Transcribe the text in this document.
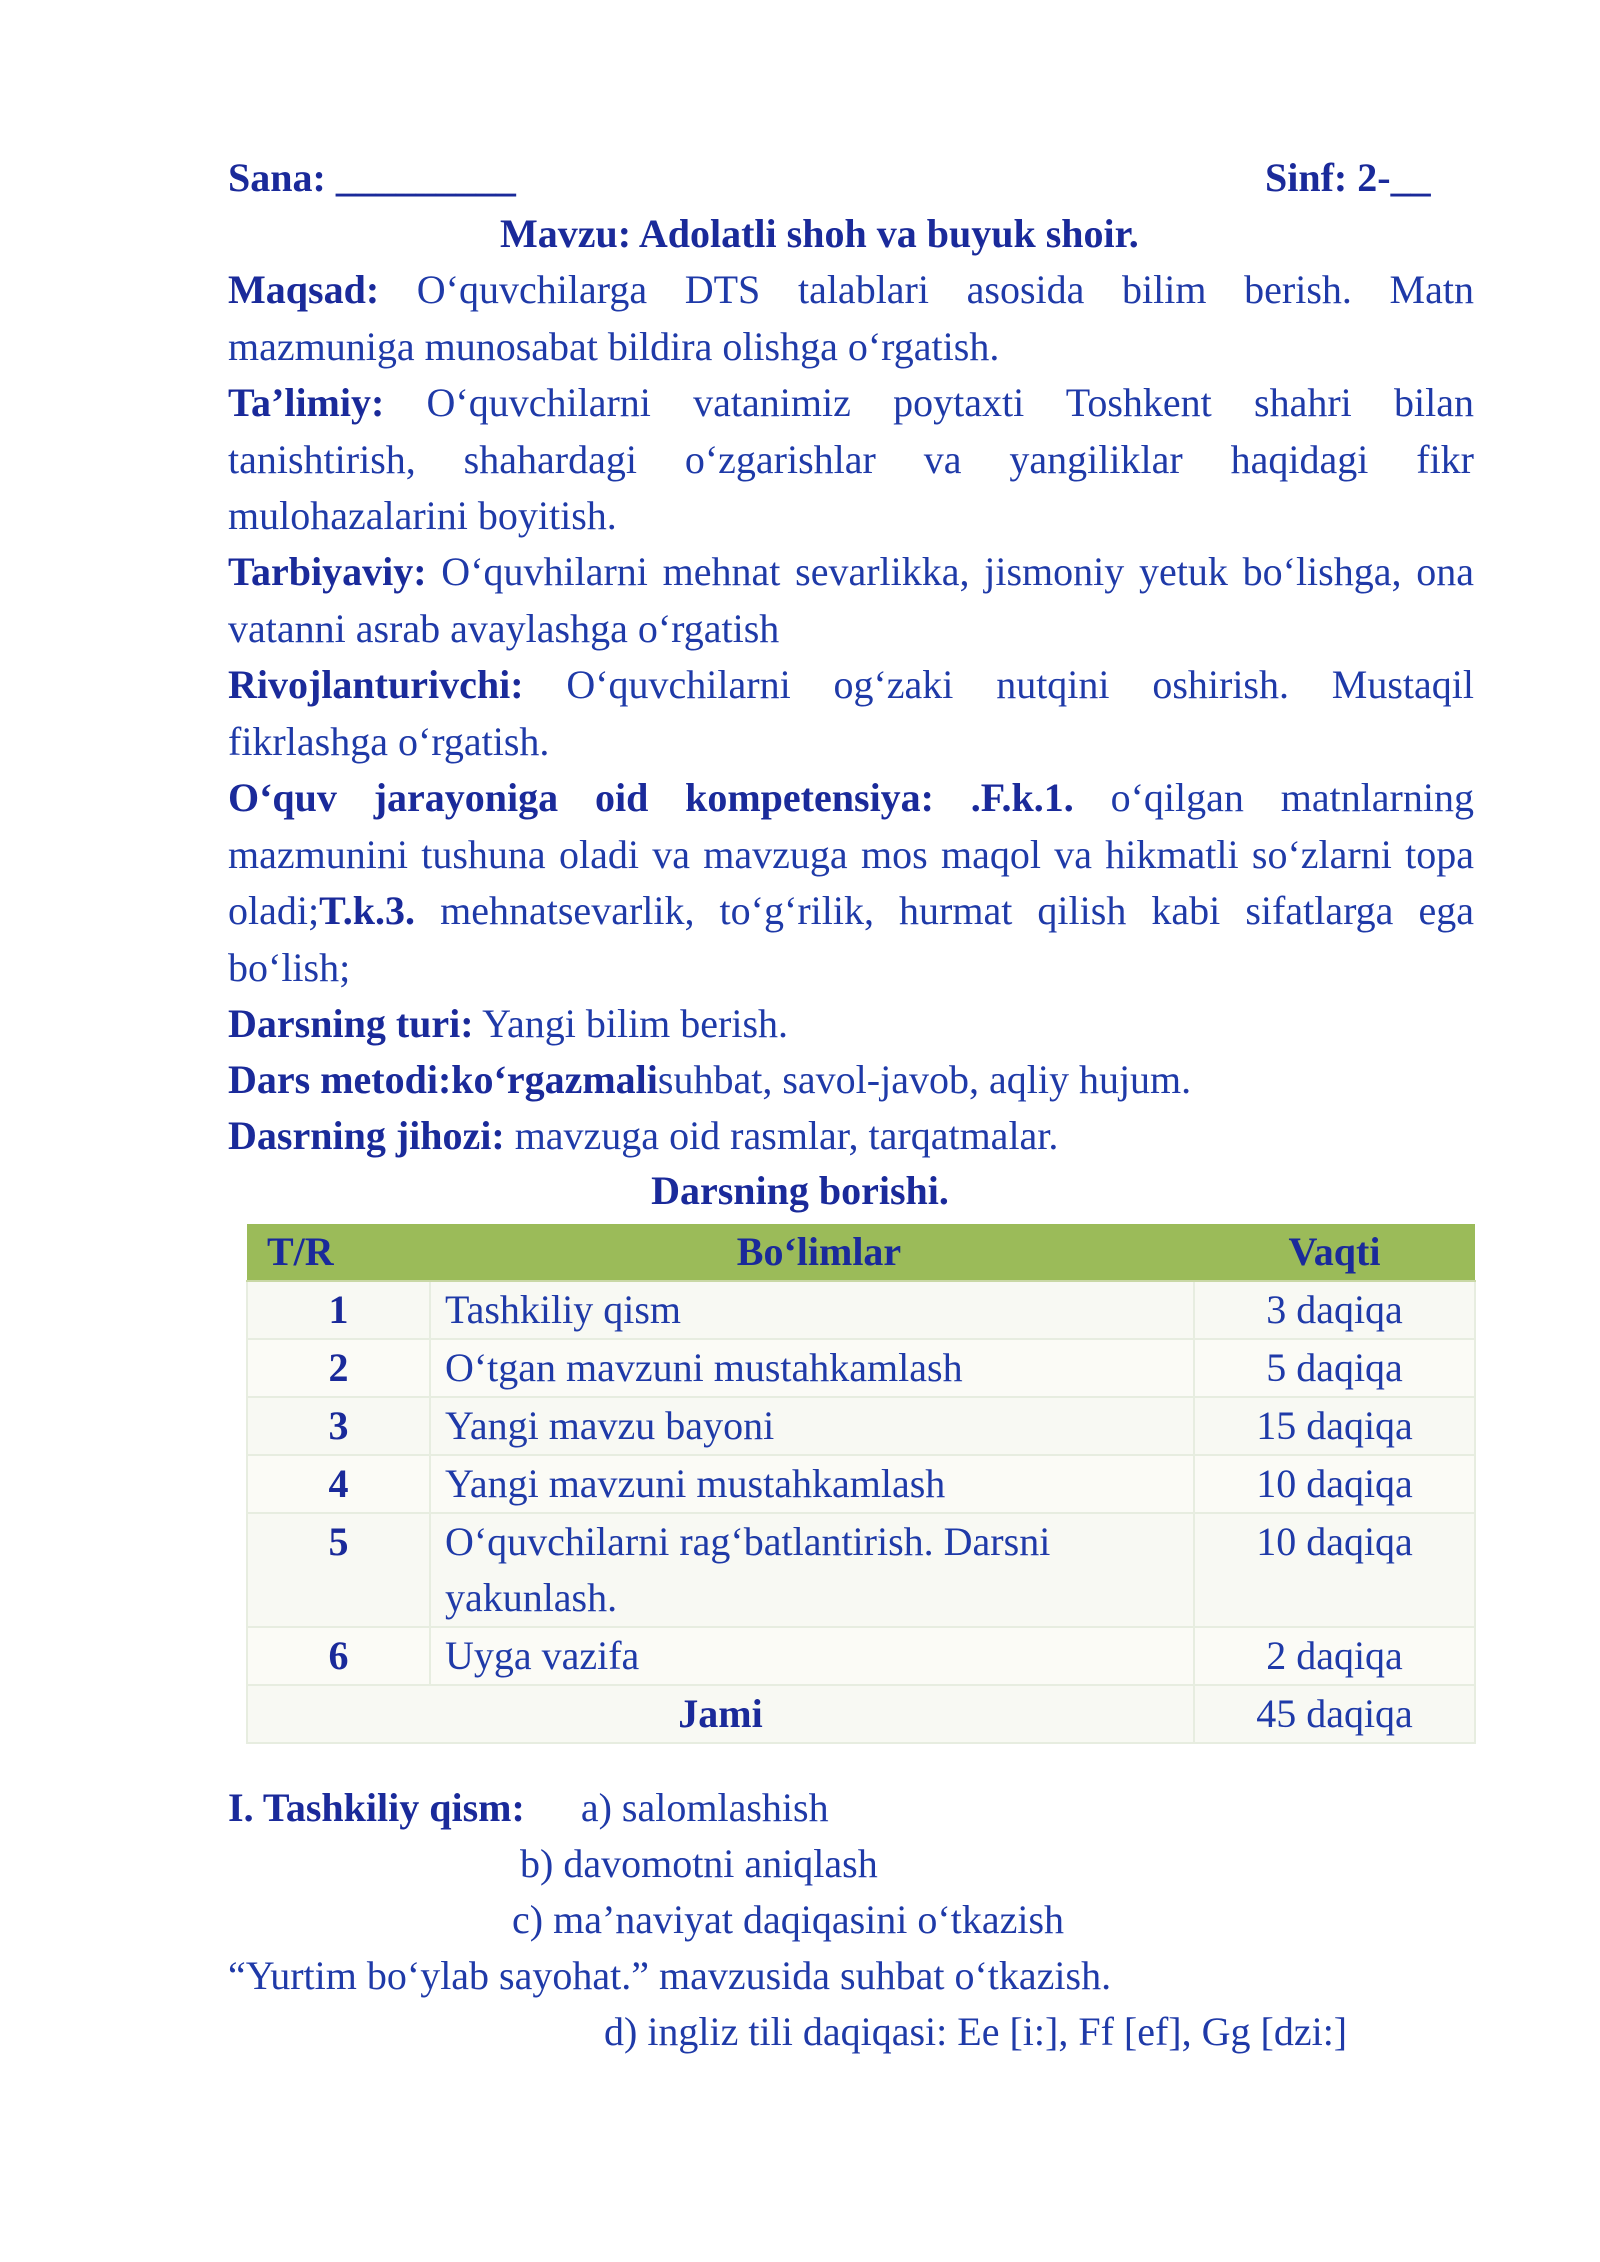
Sana: _________	Sinf: 2-__
Mavzu: Adolatli shoh va buyuk shoir.
Maqsad: O‘quvchilarga DTS talablari asosida bilim berish. Matn mazmuniga munosabat bildira olishga o‘rgatish.
Ta’limiy: O‘quvchilarni vatanimiz poytaxti Toshkent shahri bilan tanishtirish, shahardagi o‘zgarishlar va yangiliklar haqidagi fikr mulohazalarini boyitish.
Tarbiyaviy: O‘quvhilarni mehnat sevarlikka, jismoniy yetuk bo‘lishga, ona vatanni asrab avaylashga o‘rgatish
Rivojlanturivchi: O‘quvchilarni og‘zaki nutqini oshirish. Mustaqil fikrlashga o‘rgatish.
O‘quv jarayoniga oid kompetensiya: .F.k.1. o‘qilgan matnlarning mazmunini tushuna oladi va mavzuga mos maqol va hikmatli so‘zlarni topa oladi;T.k.3. mehnatsevarlik, to‘g‘rilik, hurmat qilish kabi sifatlarga ega bo‘lish;
Darsning turi: Yangi bilim berish.
Dars metodi:ko‘rgazmalisuhbat, savol-javob, aqliy hujum.
Dasrning jihozi: mavzuga oid rasmlar, tarqatmalar.
Darsning borishi.
T/R	Bo‘limlar	Vaqti
1	Tashkiliy qism	3 daqiqa
2	O‘tgan mavzuni mustahkamlash	5 daqiqa
3	Yangi mavzu bayoni	15 daqiqa
4	Yangi mavzuni mustahkamlash	10 daqiqa
5	O‘quvchilarni rag‘batlantirish. Darsni yakunlash.	10 daqiqa
6	Uyga vazifa	2 daqiqa
Jami		45 daqiqa
I. Tashkiliy qism: a) salomlashish
b) davomotni aniqlash
c) ma’naviyat daqiqasini o‘tkazish
“Yurtim bo‘ylab sayohat.” mavzusida suhbat o‘tkazish.
d) ingliz tili daqiqasi: Ee [i:], Ff [ef], Gg [dzi:]
